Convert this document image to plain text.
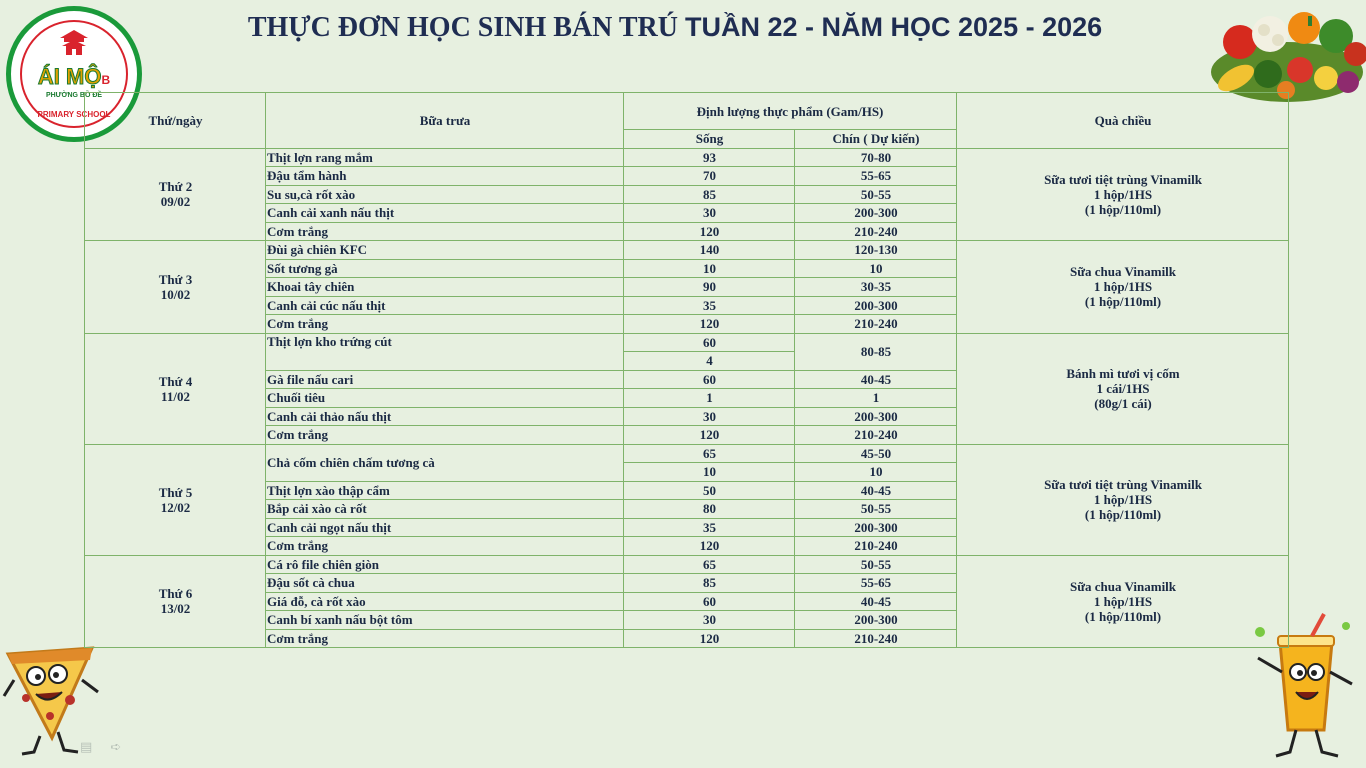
THỰC ĐƠN HỌC SINH BÁN TRÚ TUẦN 22 - NĂM HỌC 2025 - 2026
ÁI MỘB
PHƯỜNG BỒ ĐỀ
PRIMARY SCHOOL
▤ ➪
Thứ/ngày	Bữa trưa	Định lượng thực phẩm (Gam/HS)		Quà chiều
		Sống	Chín ( Dự kiến)	
Thứ 2
09/02	Thịt lợn rang mắm	93	70-80	Sữa tươi tiệt trùng Vinamilk
1 hộp/1HS
(1 hộp/110ml)
	Đậu tẩm hành	70	55-65	
	Su su,cà rốt xào	85	50-55	
	Canh cải xanh nấu thịt	30	200-300	
	Cơm trắng	120	210-240	
Thứ 3
10/02	Đùi gà chiên KFC	140	120-130	Sữa chua Vinamilk
1 hộp/1HS
(1 hộp/110ml)
	Sốt tương gà	10	10	
	Khoai tây chiên	90	30-35	
	Canh cải cúc nấu thịt	35	200-300	
	Cơm trắng	120	210-240	
Thứ 4
11/02	Thịt lợn kho trứng cút	60	80-85	Bánh mì tươi vị cốm
1 cái/1HS
(80g/1 cái)
		4		
	Gà file nấu cari	60	40-45	
	Chuối tiêu	1	1	
	Canh cải thảo nấu thịt	30	200-300	
	Cơm trắng	120	210-240	
Thứ 5
12/02	Chả cốm chiên chấm tương cà	65	45-50	Sữa tươi tiệt trùng Vinamilk
1 hộp/1HS
(1 hộp/110ml)
		10	10	
	Thịt lợn xào thập cẩm	50	40-45	
	Bắp cải xào cà rốt	80	50-55	
	Canh cải ngọt nấu thịt	35	200-300	
	Cơm trắng	120	210-240	
Thứ 6
13/02	Cá rô file chiên giòn	65	50-55	Sữa chua Vinamilk
1 hộp/1HS
(1 hộp/110ml)
	Đậu sốt cà chua	85	55-65	
	Giá đỗ, cà rốt xào	60	40-45	
	Canh bí xanh nấu bột tôm	30	200-300	
	Cơm trắng	120	210-240	
